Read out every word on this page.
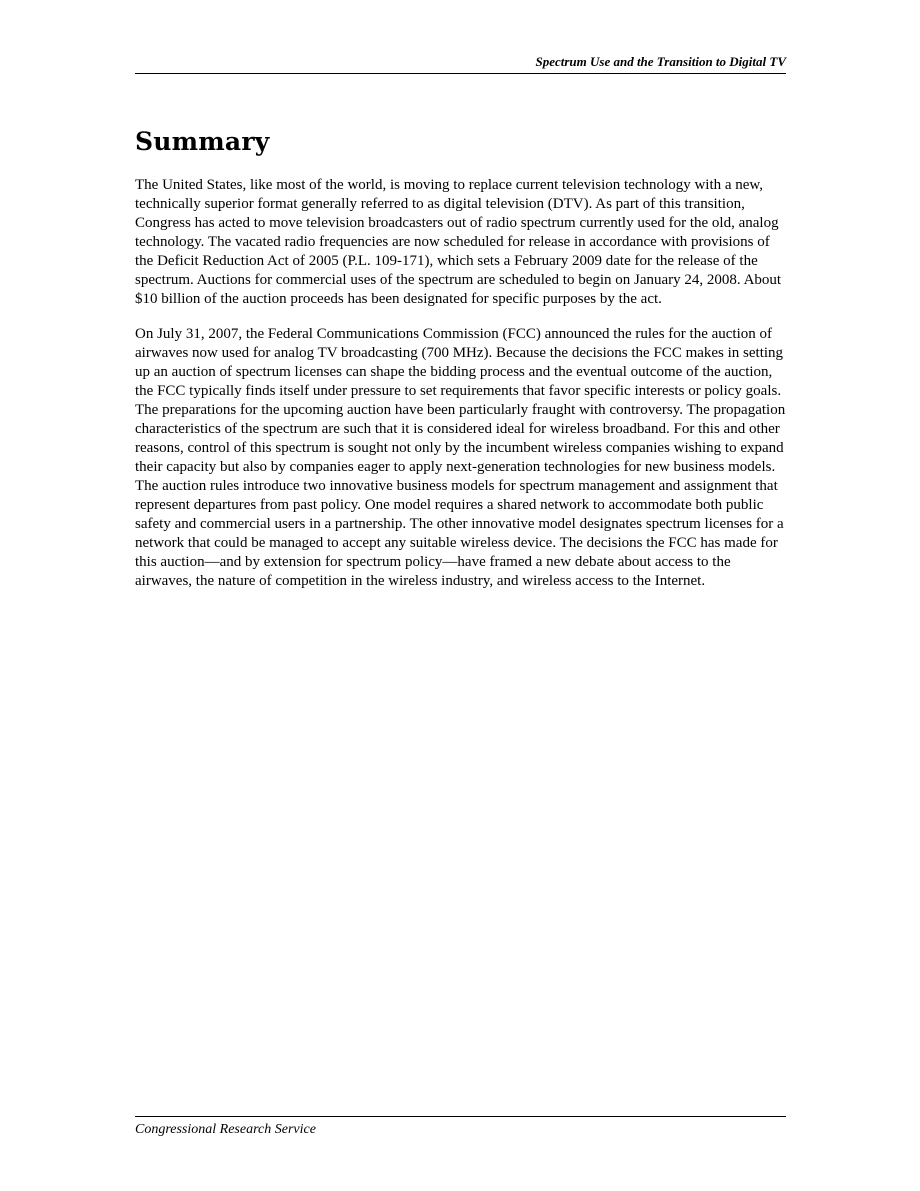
Spectrum Use and the Transition to Digital TV
Summary

The United States, like most of the world, is moving to replace current television technology with a new, technically superior format generally referred to as digital television (DTV). As part of this transition, Congress has acted to move television broadcasters out of radio spectrum currently used for the old, analog technology. The vacated radio frequencies are now scheduled for release in accordance with provisions of the Deficit Reduction Act of 2005 (P.L. 109-171), which sets a February 2009 date for the release of the spectrum. Auctions for commercial uses of the spectrum are scheduled to begin on January 24, 2008. About $10 billion of the auction proceeds has been designated for specific purposes by the act.

On July 31, 2007, the Federal Communications Commission (FCC) announced the rules for the auction of airwaves now used for analog TV broadcasting (700 MHz). Because the decisions the FCC makes in setting up an auction of spectrum licenses can shape the bidding process and the eventual outcome of the auction, the FCC typically finds itself under pressure to set requirements that favor specific interests or policy goals. The preparations for the upcoming auction have been particularly fraught with controversy. The propagation characteristics of the spectrum are such that it is considered ideal for wireless broadband. For this and other reasons, control of this spectrum is sought not only by the incumbent wireless companies wishing to expand their capacity but also by companies eager to apply next-generation technologies for new business models. The auction rules introduce two innovative business models for spectrum management and assignment that represent departures from past policy. One model requires a shared network to accommodate both public safety and commercial users in a partnership. The other innovative model designates spectrum licenses for a network that could be managed to accept any suitable wireless device. The decisions the FCC has made for this auction—and by extension for spectrum policy—have framed a new debate about access to the airwaves, the nature of competition in the wireless industry, and wireless access to the Internet.

Congressional Research Service
